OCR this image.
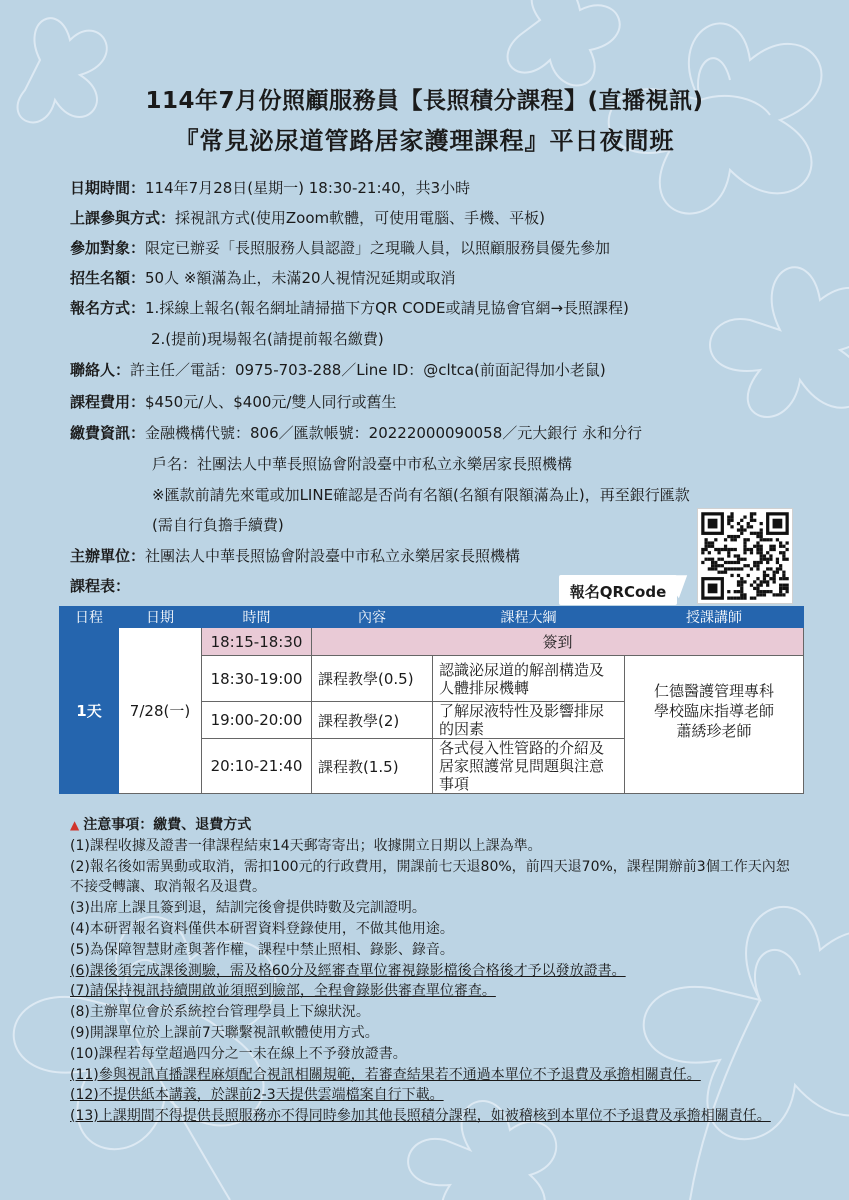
114年7月份照顧服務員【長照積分課程】(直播視訊)
『常見泌尿道管路居家護理課程』平日夜間班
日期時間：114年7月28日(星期一) 18:30-21:40，共3小時
上課參與方式：採視訊方式(使用Zoom軟體，可使用電腦、手機、平板)
參加對象：限定已辦妥「長照服務人員認證」之現職人員，以照顧服務員優先參加
招生名額：50人 ※額滿為止，未滿20人視情況延期或取消
報名方式：1.採線上報名(報名網址請掃描下方QR CODE或請見協會官網→長照課程)
2.(提前)現場報名(請提前報名繳費)
聯絡人：許主任／電話：0975-703-288／Line ID：@cltca(前面記得加小老鼠)
課程費用：$450元/人、$400元/雙人同行或舊生
繳費資訊：金融機構代號：806／匯款帳號：20222000090058／元大銀行 永和分行
戶名：社團法人中華長照協會附設臺中市私立永樂居家長照機構
※匯款前請先來電或加LINE確認是否尚有名額(名額有限額滿為止)，再至銀行匯款
(需自行負擔手續費)
主辦單位：社團法人中華長照協會附設臺中市私立永樂居家長照機構
課程表：	報名QRCode
日程	日期	時間	內容	課程大綱	授課講師
1天	7/28(一)	18:15-18:30	簽到		
		18:30-19:00	課程教學(0.5)	認識泌尿道的解剖構造及人體排尿機轉	仁德醫護管理專科
學校臨床指導老師
蕭綉珍老師

		19:00-20:00	課程教學(2)	了解尿液特性及影響排尿的因素	
		20:10-21:40	課程教(1.5)	各式侵入性管路的介紹及居家照護常見問題與注意事項	

▲ 注意事項：繳費、退費方式

(1)課程收據及證書一律課程結束14天郵寄寄出；收據開立日期以上課為準。

(2)報名後如需異動或取消，需扣100元的行政費用，開課前七天退80%，前四天退70%，課程開辦前3個工作天內恕不接受轉讓、取消報名及退費。

(3)出席上課且簽到退，結訓完後會提供時數及完訓證明。

(4)本研習報名資料僅供本研習資料登錄使用，不做其他用途。

(5)為保障智慧財產與著作權，課程中禁止照相、錄影、錄音。

(6)課後須完成課後測驗，需及格60分及經審查單位審視錄影檔後合格後才予以發放證書。

(7)請保持視訊持續開啟並須照到臉部，全程會錄影供審查單位審查。

(8)主辦單位會於系統控台管理學員上下線狀況。

(9)開課單位於上課前7天聯繫視訊軟體使用方式。

(10)課程若每堂超過四分之一未在線上不予發放證書。

(11)參與視訊直播課程麻煩配合視訊相關規範，若審查結果若不通過本單位不予退費及承擔相關責任。

(12)不提供紙本講義，於課前2-3天提供雲端檔案自行下載。

(13)上課期間不得提供長照服務亦不得同時參加其他長照積分課程，如被稽核到本單位不予退費及承擔相關責任。
